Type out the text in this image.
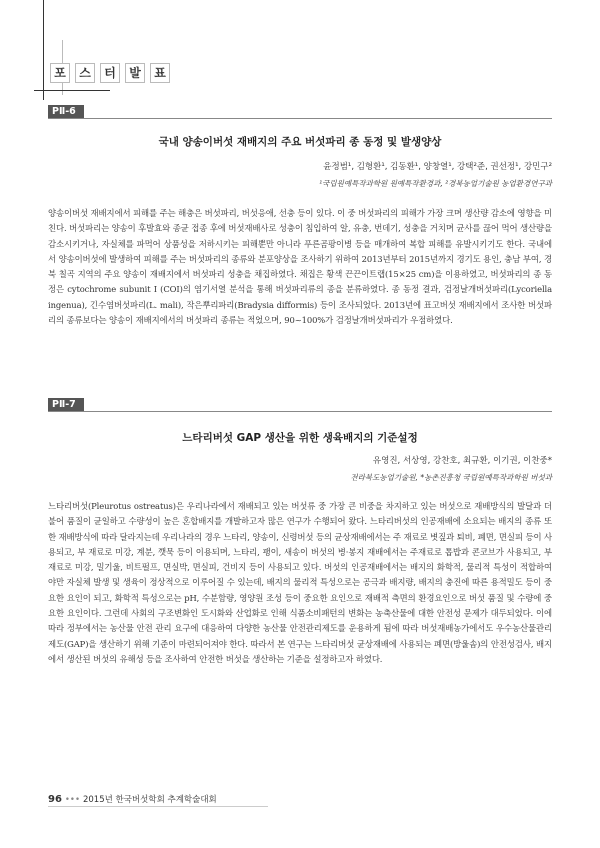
포	스	터	발	표
PⅡ-6
국내 양송이버섯 재배지의 주요 버섯파리 종 동정 및 발생양상
윤정범¹, 김형환¹, 김동환¹, 양창열¹, 강택²준, 권선정¹, 강민구²
¹국립원예특작과학원 원예특작환경과, ²경북농업기술원 농업환경연구과
양송이버섯 재배지에서 피해를 주는 해충은 버섯파리, 버섯응애, 선충 등이 있다. 이 중 버섯파리의 피해가 가장 크며 생산량 감소에 영향을 미친다. 버섯파리는 양송이 후발효와 종균 접종 후에 버섯재배사로 성충이 침입하여 알, 유충, 번데기, 성충을 거치며 균사를 끊어 먹어 생산량을 감소시키거나, 자실체를 파먹어 상품성을 저하시키는 피해뿐만 아니라 푸른곰팡이병 등을 매개하여 복합 피해를 유발시키기도 한다. 국내에서 양송이버섯에 발생하여 피해를 주는 버섯파리의 종류와 분포양상을 조사하기 위하여 2013년부터 2015년까지 경기도 용인, 충남 부여, 경북 칠곡 지역의 주요 양송이 재배지에서 버섯파리 성충을 채집하였다. 채집은 황색 끈끈이트랩(15×25 cm)을 이용하였고, 버섯파리의 종 동정은 cytochrome subunit I (COI)의 염기서열 분석을 통해 버섯파리류의 종을 분류하였다. 종 동정 결과, 검정날개버섯파리(Lycoriella ingenua), 긴수염버섯파리(L. mali), 작은뿌리파리(Bradysia difformis) 등이 조사되었다. 2013년에 표고버섯 재배지에서 조사한 버섯파리의 종류보다는 양송이 재배지에서의 버섯파리 종류는 적었으며, 90~100%가 검정날개버섯파리가 우점하였다.
PⅡ-7
느타리버섯 GAP 생산을 위한 생육배지의 기준설정
유영진, 서상영, 강찬호, 최규환, 이기권, 이찬중*
전라북도농업기술원, *농촌진흥청 국립원예특작과학원 버섯과
느타리버섯(Pleurotus ostreatus)은 우리나라에서 재배되고 있는 버섯류 중 가장 큰 비중을 차지하고 있는 버섯으로 재배방식의 발달과 더불어 품질이 균일하고 수량성이 높은 혼합배지를 개발하고자 많은 연구가 수행되어 왔다. 느타리버섯의 인공재배에 소요되는 배지의 종류 또한 재배방식에 따라 달라지는데 우리나라의 경우 느타리, 양송이, 신령버섯 등의 균상재배에서는 주 재료로 볏짚과 퇴비, 폐면, 면실피 등이 사용되고, 부 재료로 미강, 계분, 깻묵 등이 이용되며, 느타리, 팽이, 새송이 버섯의 병·봉지 재배에서는 주재료로 톱밥과 콘코브가 사용되고, 부 재료로 미강, 밀기울, 비트펄프, 면실박, 면실피, 건비지 등이 사용되고 있다. 버섯의 인공재배에서는 배지의 화학적, 물리적 특성이 적합하여야만 자실체 발생 및 생육이 정상적으로 이루어질 수 있는데, 배지의 물리적 특성으로는 공극과 배지량, 배지의 충진에 따른 용적밀도 등이 중요한 요인이 되고, 화학적 특성으로는 pH, 수분함량, 영양원 조성 등이 중요한 요인으로 재배적 측면의 환경요인으로 버섯 품질 및 수량에 중요한 요인이다. 그런데 사회의 구조변화인 도시화와 산업화로 인해 식품소비패턴의 변화는 농축산물에 대한 안전성 문제가 대두되었다. 이에 따라 정부에서는 농산물 안전 관리 요구에 대응하여 다양한 농산물 안전관리제도를 운용하게 됨에 따라 버섯재배농가에서도 우수농산물관리제도(GAP)을 생산하기 위해 기준이 마련되어져야 한다. 따라서 본 연구는 느타리버섯 균상재배에 사용되는 폐면(방울솜)의 안전성검사, 배지에서 생산된 버섯의 유해성 등을 조사하여 안전한 버섯을 생산하는 기준을 설정하고자 하였다.
96 ••• 2015년 한국버섯학회 추계학술대회
